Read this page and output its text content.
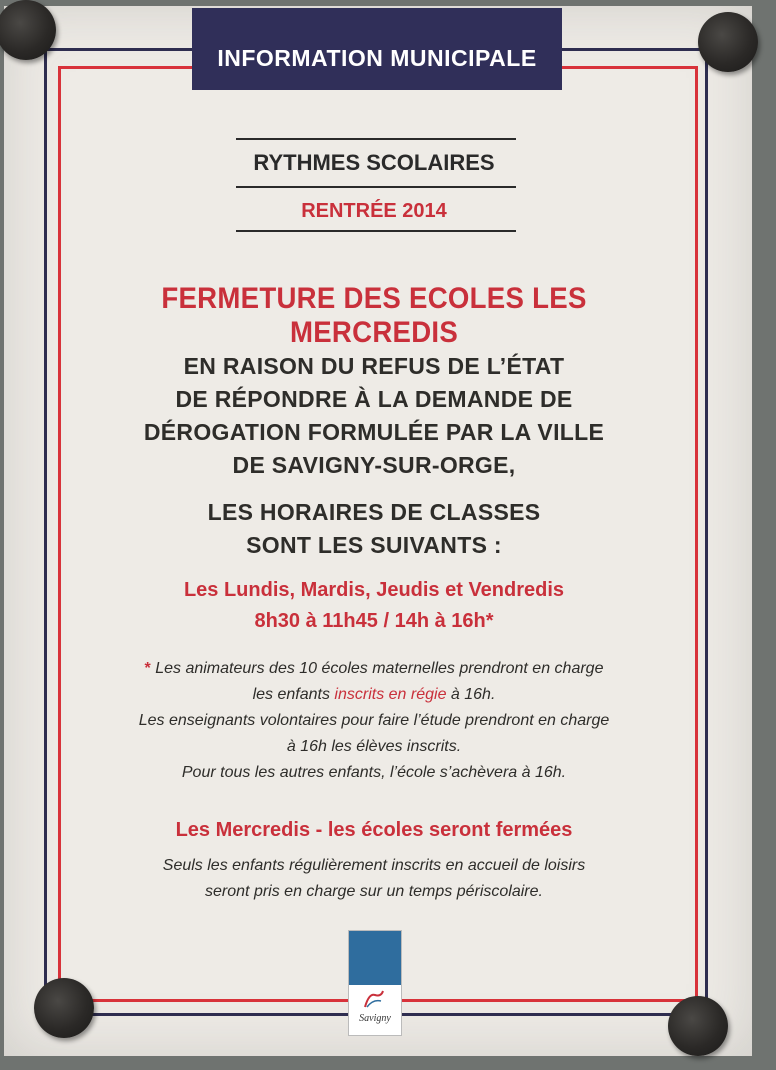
INFORMATION MUNICIPALE
RYTHMES SCOLAIRES
RENTRÉE 2014
FERMETURE DES ECOLES LES MERCREDIS
EN RAISON DU REFUS DE L’ÉTAT
DE RÉPONDRE À LA DEMANDE DE
DÉROGATION FORMULÉE PAR LA VILLE
DE SAVIGNY-SUR-ORGE,
LES HORAIRES DE CLASSES
SONT LES SUIVANTS :
Les Lundis, Mardis, Jeudis et Vendredis
8h30 à 11h45 / 14h à 16h*
* Les animateurs des 10 écoles maternelles prendront en charge
les enfants inscrits en régie à 16h.
Les enseignants volontaires pour faire l’étude prendront en charge
à 16h les élèves inscrits.
Pour tous les autres enfants, l’école s’achèvera à 16h.
Les Mercredis - les écoles seront fermées
Seuls les enfants régulièrement inscrits en accueil de loisirs
seront pris en charge sur un temps périscolaire.
Savigny
